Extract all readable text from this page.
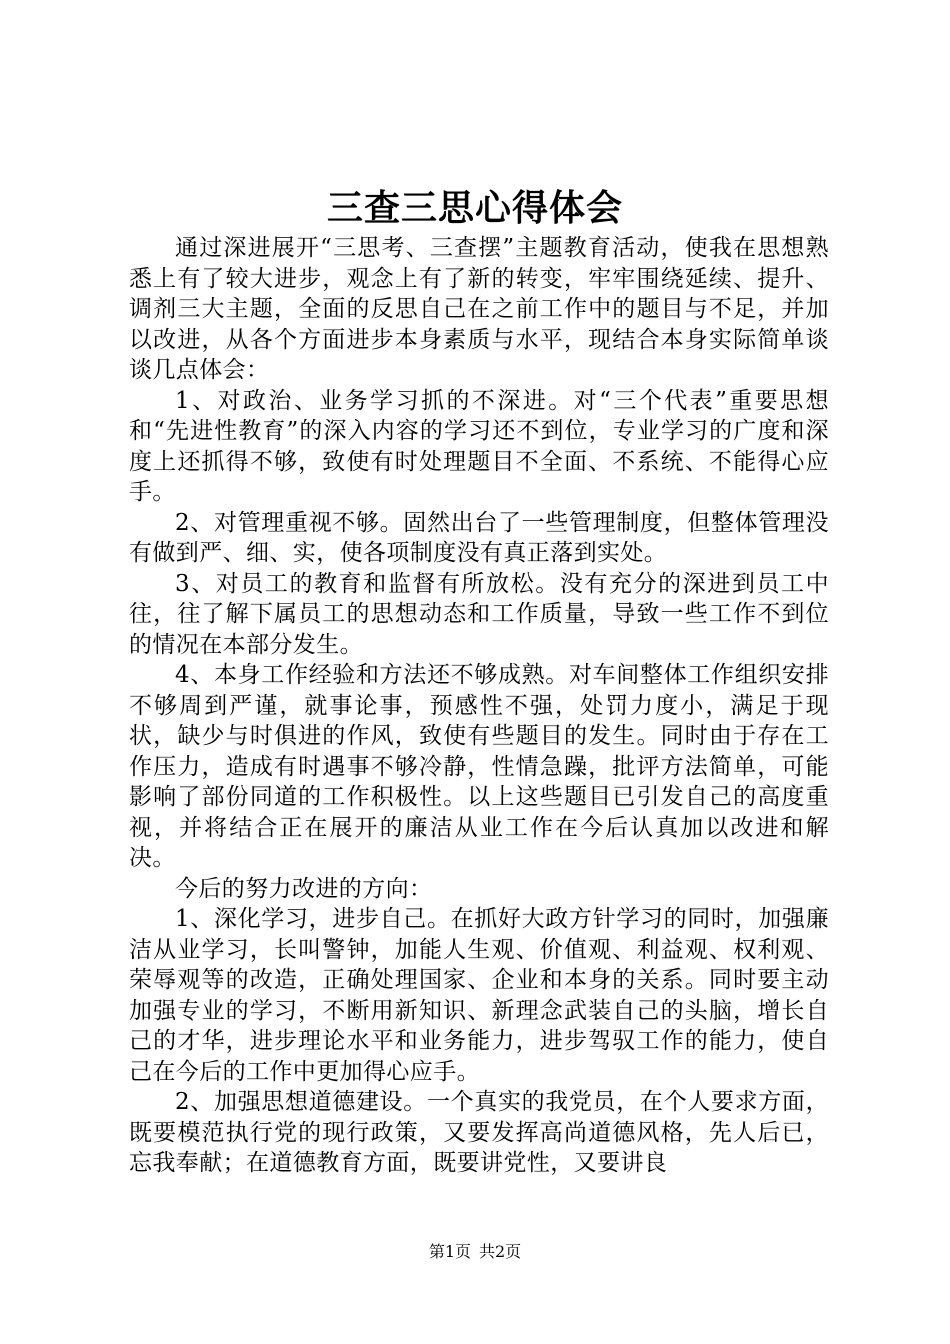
三查三思心得体会

通过深进展开“三思考、三查摆”主题教育活动，使我在思想熟悉上有了较大进步，观念上有了新的转变，牢牢围绕延续、提升、调剂三大主题，全面的反思自己在之前工作中的题目与不足，并加以改进，从各个方面进步本身素质与水平，现结合本身实际简单谈谈几点体会：

1、对政治、业务学习抓的不深进。对“三个代表”重要思想和“先进性教育”的深入内容的学习还不到位，专业学习的广度和深度上还抓得不够，致使有时处理题目不全面、不系统、不能得心应手。

2、对管理重视不够。固然出台了一些管理制度，但整体管理没有做到严、细、实，使各项制度没有真正落到实处。

3、对员工的教育和监督有所放松。没有充分的深进到员工中往，往了解下属员工的思想动态和工作质量，导致一些工作不到位的情况在本部分发生。

4、本身工作经验和方法还不够成熟。对车间整体工作组织安排不够周到严谨，就事论事，预感性不强，处罚力度小，满足于现状，缺少与时俱进的作风，致使有些题目的发生。同时由于存在工作压力，造成有时遇事不够冷静，性情急躁，批评方法简单，可能影响了部份同道的工作积极性。以上这些题目已引发自己的高度重视，并将结合正在展开的廉洁从业工作在今后认真加以改进和解决。

今后的努力改进的方向：

1、深化学习，进步自己。在抓好大政方针学习的同时，加强廉洁从业学习，长叫警钟，加能人生观、价值观、利益观、权利观、荣辱观等的改造，正确处理国家、企业和本身的关系。同时要主动加强专业的学习，不断用新知识、新理念武装自己的头脑，增长自己的才华，进步理论水平和业务能力，进步驾驭工作的能力，使自己在今后的工作中更加得心应手。

2、加强思想道德建设。一个真实的我党员，在个人要求方面，既要模范执行党的现行政策，又要发挥高尚道德风格，先人后已，忘我奉献；在道德教育方面，既要讲党性，又要讲良

第1页 共2页
